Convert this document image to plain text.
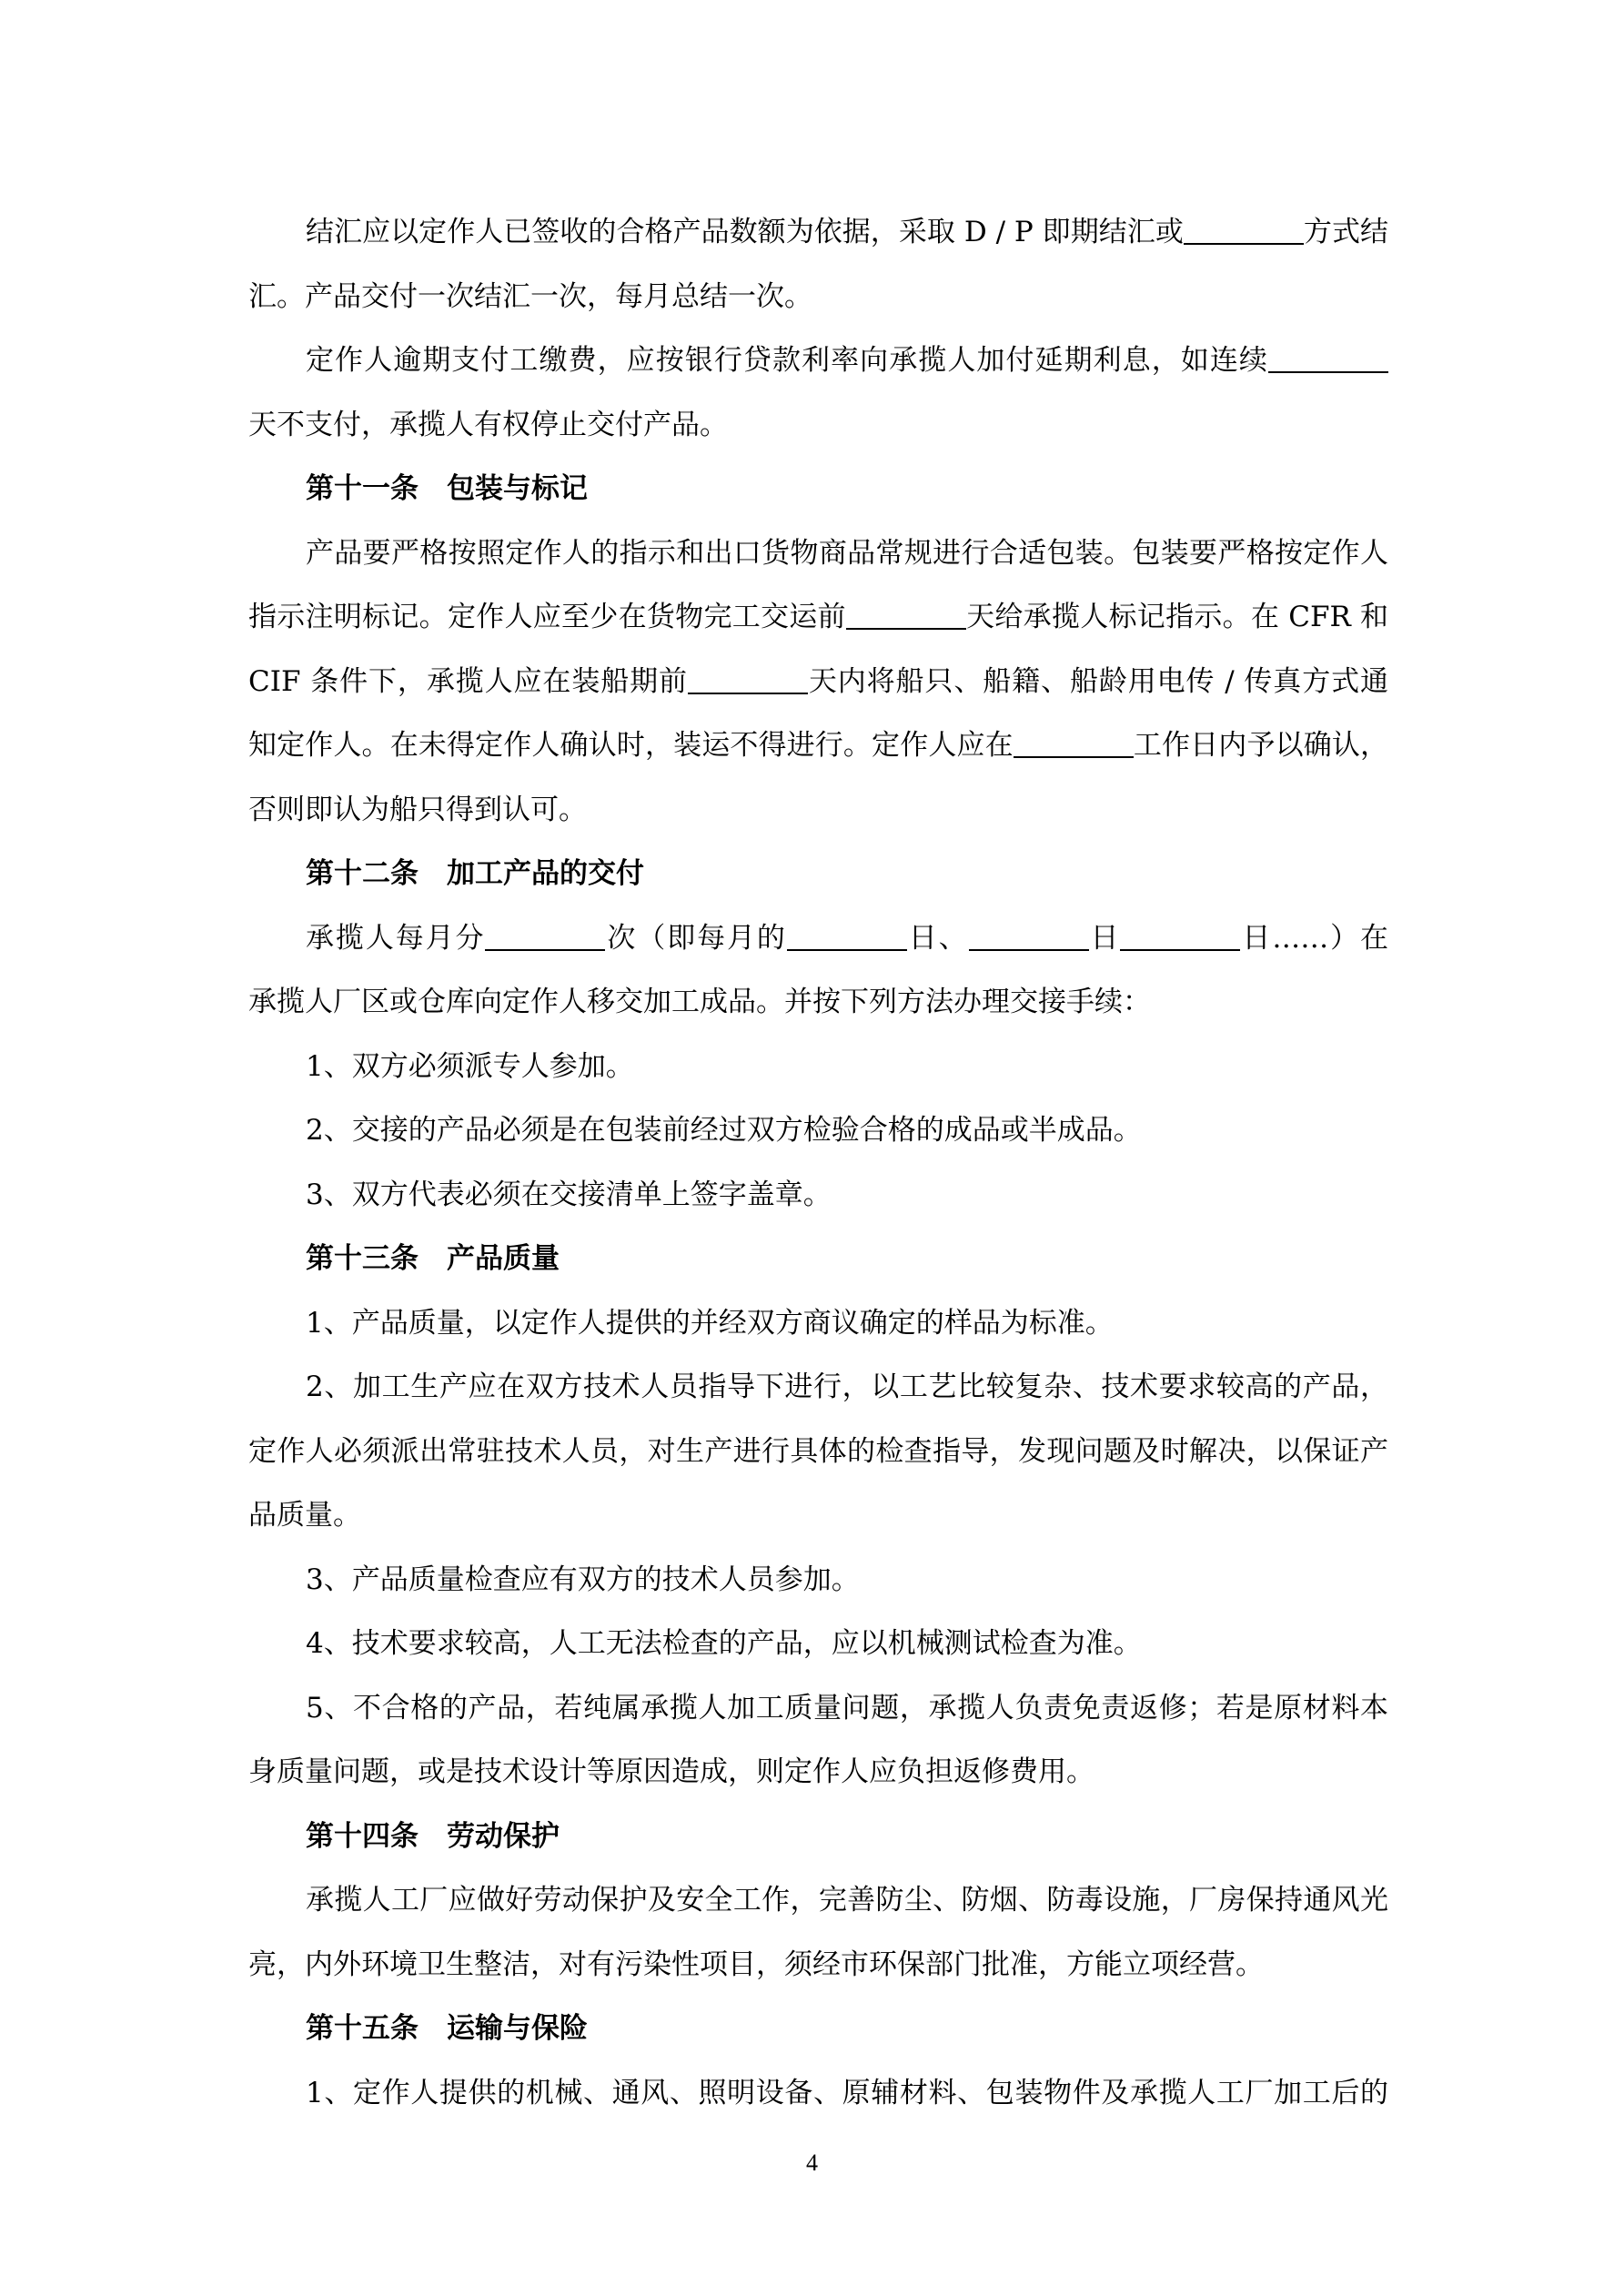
结汇应以定作人已签收的合格产品数额为依据，采取 D / P 即期结汇或	方式结
汇。产品交付一次结汇一次，每月总结一次。
定作人逾期支付工缴费，应按银行贷款利率向承揽人加付延期利息，如连续
天不支付，承揽人有权停止交付产品。
第十一条　包装与标记
产品要严格按照定作人的指示和出口货物商品常规进行合适包装。包装要严格按定作人
指示注明标记。定作人应至少在货物完工交运前	天给承揽人标记指示。在 CFR 和
CIF 条件下，承揽人应在装船期前	天内将船只、船籍、船龄用电传 / 传真方式通
知定作人。在未得定作人确认时，装运不得进行。定作人应在	工作日内予以确认，
否则即认为船只得到认可。
第十二条　加工产品的交付
承揽人每月分	次（即每月的	日、	日	日……）在
承揽人厂区或仓库向定作人移交加工成品。并按下列方法办理交接手续：
1、双方必须派专人参加。
2、交接的产品必须是在包装前经过双方检验合格的成品或半成品。
3、双方代表必须在交接清单上签字盖章。
第十三条　产品质量
1、产品质量，以定作人提供的并经双方商议确定的样品为标准。
2、加工生产应在双方技术人员指导下进行，以工艺比较复杂、技术要求较高的产品，
定作人必须派出常驻技术人员，对生产进行具体的检查指导，发现问题及时解决，以保证产
品质量。
3、产品质量检查应有双方的技术人员参加。
4、技术要求较高，人工无法检查的产品，应以机械测试检查为准。
5、不合格的产品，若纯属承揽人加工质量问题，承揽人负责免责返修；若是原材料本
身质量问题，或是技术设计等原因造成，则定作人应负担返修费用。
第十四条　劳动保护
承揽人工厂应做好劳动保护及安全工作，完善防尘、防烟、防毒设施，厂房保持通风光
亮，内外环境卫生整洁，对有污染性项目，须经市环保部门批准，方能立项经营。
第十五条　运输与保险
1、定作人提供的机械、通风、照明设备、原辅材料、包装物件及承揽人工厂加工后的
4
